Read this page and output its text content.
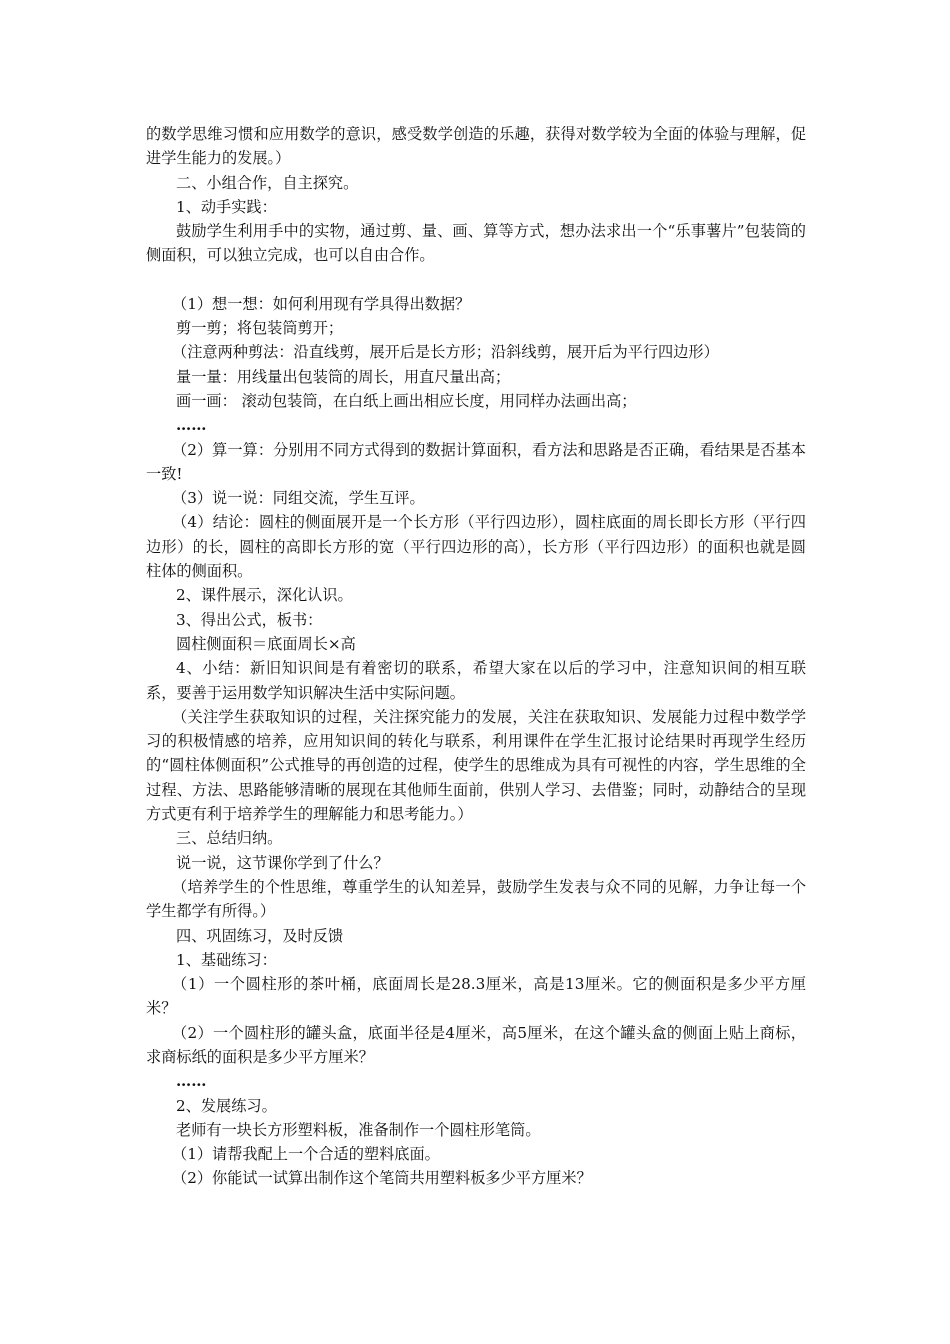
的数学思维习惯和应用数学的意识，感受数学创造的乐趣，获得对数学较为全面的体验与理解，促进学生能力的发展。）

二、小组合作，自主探究。

1、动手实践：

鼓励学生利用手中的实物，通过剪、量、画、算等方式，想办法求出一个“乐事薯片”包装筒的侧面积，可以独立完成，也可以自由合作。

（1）想一想：如何利用现有学具得出数据？

剪一剪；将包装筒剪开；

（注意两种剪法：沿直线剪，展开后是长方形；沿斜线剪，展开后为平行四边形）

量一量：用线量出包装筒的周长，用直尺量出高；

画一画： 滚动包装筒，在白纸上画出相应长度，用同样办法画出高；

……

（2）算一算：分别用不同方式得到的数据计算面积，看方法和思路是否正确，看结果是否基本一致!

（3）说一说：同组交流，学生互评。

（4）结论：圆柱的侧面展开是一个长方形（平行四边形），圆柱底面的周长即长方形（平行四边形）的长，圆柱的高即长方形的宽（平行四边形的高），长方形（平行四边形）的面积也就是圆柱体的侧面积。

2、课件展示，深化认识。

3、得出公式，板书：

圆柱侧面积＝底面周长×高

4、小结：新旧知识间是有着密切的联系，希望大家在以后的学习中，注意知识间的相互联系，要善于运用数学知识解决生活中实际问题。

（关注学生获取知识的过程，关注探究能力的发展，关注在获取知识、发展能力过程中数学学习的积极情感的培养，应用知识间的转化与联系，利用课件在学生汇报讨论结果时再现学生经历的“圆柱体侧面积”公式推导的再创造的过程，使学生的思维成为具有可视性的内容，学生思维的全过程、方法、思路能够清晰的展现在其他师生面前，供别人学习、去借鉴；同时，动静结合的呈现方式更有利于培养学生的理解能力和思考能力。）

三、总结归纳。

说一说，这节课你学到了什么？

（培养学生的个性思维，尊重学生的认知差异，鼓励学生发表与众不同的见解，力争让每一个学生都学有所得。）

四、巩固练习，及时反馈

1、基础练习：

（1）一个圆柱形的茶叶桶，底面周长是28.3厘米，高是13厘米。它的侧面积是多少平方厘米？

（2）一个圆柱形的罐头盒，底面半径是4厘米，高5厘米，在这个罐头盒的侧面上贴上商标，求商标纸的面积是多少平方厘米？

……

2、发展练习。

老师有一块长方形塑料板，准备制作一个圆柱形笔筒。

（1）请帮我配上一个合适的塑料底面。

（2）你能试一试算出制作这个笔筒共用塑料板多少平方厘米？
